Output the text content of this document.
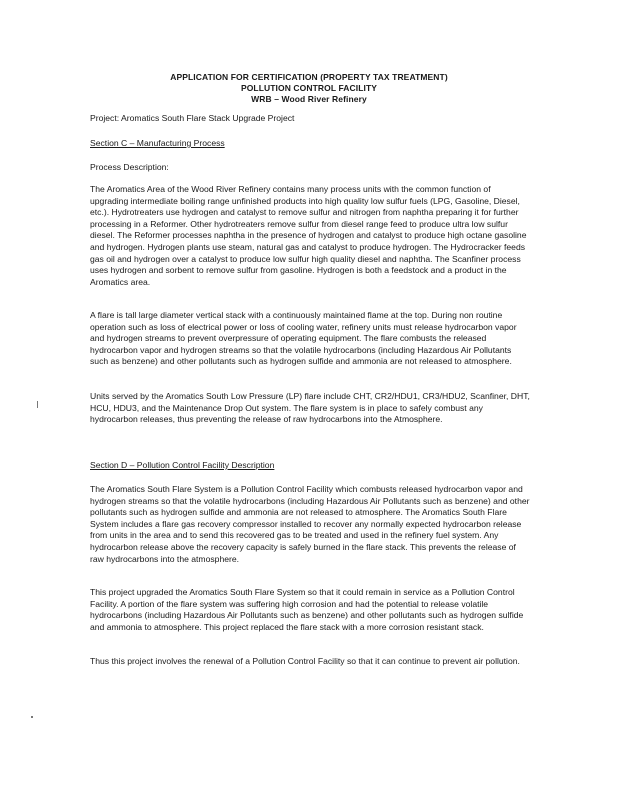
APPLICATION FOR CERTIFICATION (PROPERTY TAX TREATMENT)
POLLUTION CONTROL FACILITY
WRB – Wood River Refinery
Project: Aromatics South Flare Stack Upgrade Project
Section C – Manufacturing Process
Process Description:
The Aromatics Area of the Wood River Refinery contains many process units with the common function of upgrading intermediate boiling range unfinished products into high quality low sulfur fuels (LPG, Gasoline, Diesel, etc.). Hydrotreaters use hydrogen and catalyst to remove sulfur and nitrogen from naphtha preparing it for further processing in a Reformer. Other hydrotreaters remove sulfur from diesel range feed to produce ultra low sulfur diesel. The Reformer processes naphtha in the presence of hydrogen and catalyst to produce high octane gasoline and hydrogen. Hydrogen plants use steam, natural gas and catalyst to produce hydrogen. The Hydrocracker feeds gas oil and hydrogen over a catalyst to produce low sulfur high quality diesel and naphtha. The Scanfiner process uses hydrogen and sorbent to remove sulfur from gasoline. Hydrogen is both a feedstock and a product in the Aromatics area.
A flare is tall large diameter vertical stack with a continuously maintained flame at the top. During non routine operation such as loss of electrical power or loss of cooling water, refinery units must release hydrocarbon vapor and hydrogen streams to prevent overpressure of operating equipment. The flare combusts the released hydrocarbon vapor and hydrogen streams so that the volatile hydrocarbons (including Hazardous Air Pollutants such as benzene) and other pollutants such as hydrogen sulfide and ammonia are not released to atmosphere.
Units served by the Aromatics South Low Pressure (LP) flare include CHT, CR2/HDU1, CR3/HDU2, Scanfiner, DHT, HCU, HDU3, and the Maintenance Drop Out system. The flare system is in place to safely combust any hydrocarbon releases, thus preventing the release of raw hydrocarbons into the Atmosphere.
Section D – Pollution Control Facility Description
The Aromatics South Flare System is a Pollution Control Facility which combusts released hydrocarbon vapor and hydrogen streams so that the volatile hydrocarbons (including Hazardous Air Pollutants such as benzene) and other pollutants such as hydrogen sulfide and ammonia are not released to atmosphere. The Aromatics South Flare System includes a flare gas recovery compressor installed to recover any normally expected hydrocarbon release from units in the area and to send this recovered gas to be treated and used in the refinery fuel system. Any hydrocarbon release above the recovery capacity is safely burned in the flare stack. This prevents the release of raw hydrocarbons into the atmosphere.
This project upgraded the Aromatics South Flare System so that it could remain in service as a Pollution Control Facility. A portion of the flare system was suffering high corrosion and had the potential to release volatile hydrocarbons (including Hazardous Air Pollutants such as benzene) and other pollutants such as hydrogen sulfide and ammonia to atmosphere. This project replaced the flare stack with a more corrosion resistant stack.
Thus this project involves the renewal of a Pollution Control Facility so that it can continue to prevent air pollution.
